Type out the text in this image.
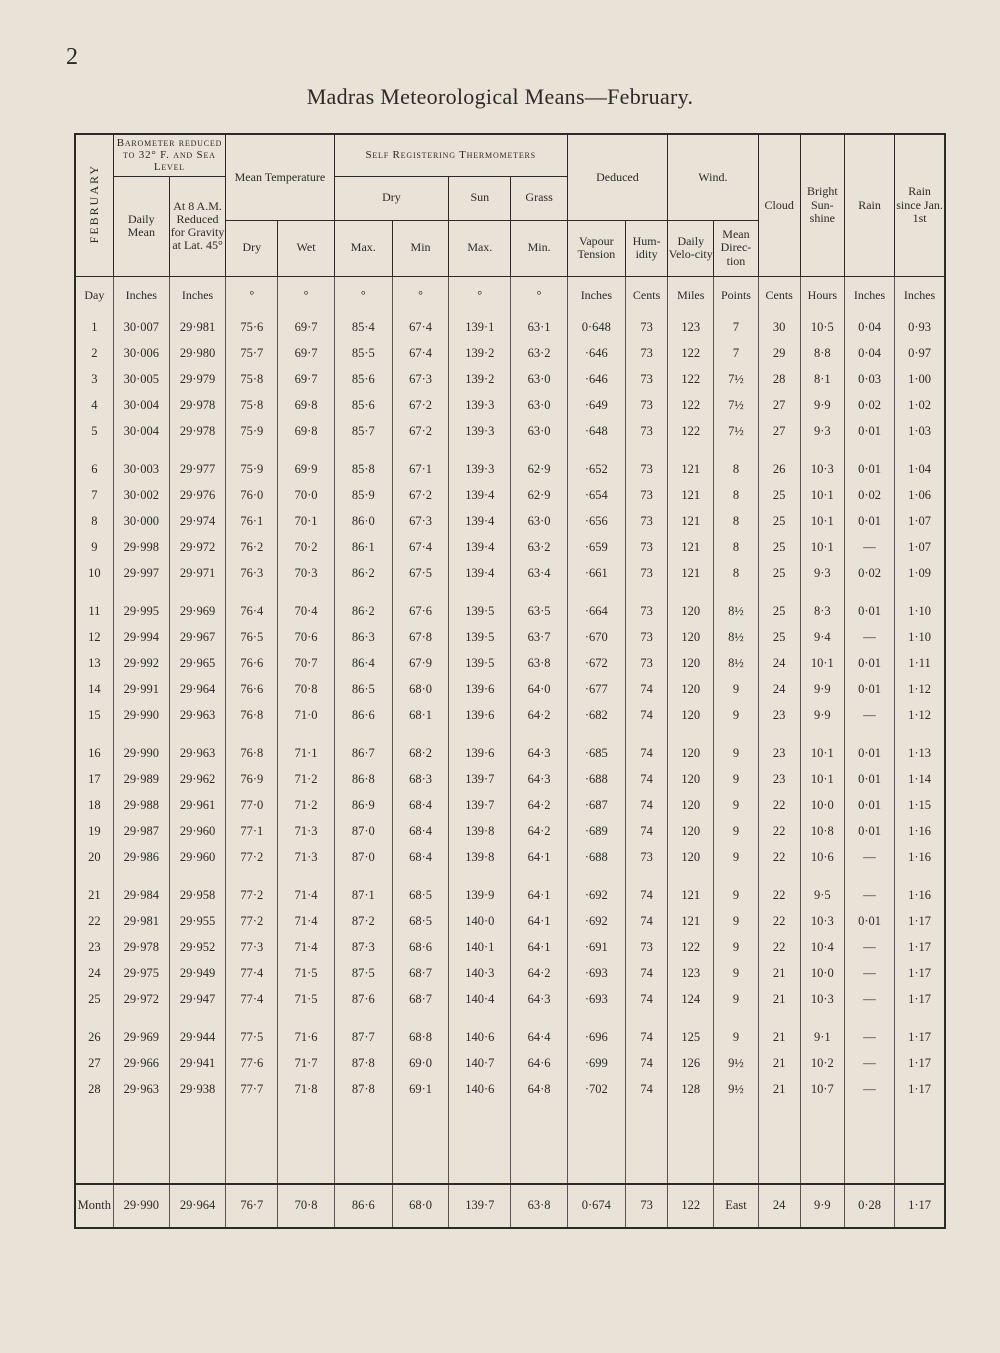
2
Madras Meteorological Means—February.
FEBRUARY	Barometer reduced to 32° F. and Sea Level		Mean Temperature		Self Registering Thermometers				Deduced		Wind.		Cloud	Bright Sun-shine	Rain	Rain since Jan. 1st
	Daily Mean	At 8 A.M. Reduced for Gravity at Lat. 45°			Dry		Sun	Grass								
			Dry	Wet	Max.	Min	Max.	Min.	Vapour Tension	Hum-idity	Daily Velo-city	Mean Direc-tion				
Day	Inches	Inches	°	°	°	°	°	°	Inches	Cents	Miles	Points	Cents	Hours	Inches	Inches
1	30·007	29·981	75·6	69·7	85·4	67·4	139·1	63·1	0·648	73	123	7	30	10·5	0·04	0·93
2	30·006	29·980	75·7	69·7	85·5	67·4	139·2	63·2	·646	73	122	7	29	8·8	0·04	0·97
3	30·005	29·979	75·8	69·7	85·6	67·3	139·2	63·0	·646	73	122	7½	28	8·1	0·03	1·00
4	30·004	29·978	75·8	69·8	85·6	67·2	139·3	63·0	·649	73	122	7½	27	9·9	0·02	1·02
5	30·004	29·978	75·9	69·8	85·7	67·2	139·3	63·0	·648	73	122	7½	27	9·3	0·01	1·03
6	30·003	29·977	75·9	69·9	85·8	67·1	139·3	62·9	·652	73	121	8	26	10·3	0·01	1·04
7	30·002	29·976	76·0	70·0	85·9	67·2	139·4	62·9	·654	73	121	8	25	10·1	0·02	1·06
8	30·000	29·974	76·1	70·1	86·0	67·3	139·4	63·0	·656	73	121	8	25	10·1	0·01	1·07
9	29·998	29·972	76·2	70·2	86·1	67·4	139·4	63·2	·659	73	121	8	25	10·1	—	1·07
10	29·997	29·971	76·3	70·3	86·2	67·5	139·4	63·4	·661	73	121	8	25	9·3	0·02	1·09
11	29·995	29·969	76·4	70·4	86·2	67·6	139·5	63·5	·664	73	120	8½	25	8·3	0·01	1·10
12	29·994	29·967	76·5	70·6	86·3	67·8	139·5	63·7	·670	73	120	8½	25	9·4	—	1·10
13	29·992	29·965	76·6	70·7	86·4	67·9	139·5	63·8	·672	73	120	8½	24	10·1	0·01	1·11
14	29·991	29·964	76·6	70·8	86·5	68·0	139·6	64·0	·677	74	120	9	24	9·9	0·01	1·12
15	29·990	29·963	76·8	71·0	86·6	68·1	139·6	64·2	·682	74	120	9	23	9·9	—	1·12
16	29·990	29·963	76·8	71·1	86·7	68·2	139·6	64·3	·685	74	120	9	23	10·1	0·01	1·13
17	29·989	29·962	76·9	71·2	86·8	68·3	139·7	64·3	·688	74	120	9	23	10·1	0·01	1·14
18	29·988	29·961	77·0	71·2	86·9	68·4	139·7	64·2	·687	74	120	9	22	10·0	0·01	1·15
19	29·987	29·960	77·1	71·3	87·0	68·4	139·8	64·2	·689	74	120	9	22	10·8	0·01	1·16
20	29·986	29·960	77·2	71·3	87·0	68·4	139·8	64·1	·688	73	120	9	22	10·6	—	1·16
21	29·984	29·958	77·2	71·4	87·1	68·5	139·9	64·1	·692	74	121	9	22	9·5	—	1·16
22	29·981	29·955	77·2	71·4	87·2	68·5	140·0	64·1	·692	74	121	9	22	10·3	0·01	1·17
23	29·978	29·952	77·3	71·4	87·3	68·6	140·1	64·1	·691	73	122	9	22	10·4	—	1·17
24	29·975	29·949	77·4	71·5	87·5	68·7	140·3	64·2	·693	74	123	9	21	10·0	—	1·17
25	29·972	29·947	77·4	71·5	87·6	68·7	140·4	64·3	·693	74	124	9	21	10·3	—	1·17
26	29·969	29·944	77·5	71·6	87·7	68·8	140·6	64·4	·696	74	125	9	21	9·1	—	1·17
27	29·966	29·941	77·6	71·7	87·8	69·0	140·7	64·6	·699	74	126	9½	21	10·2	—	1·17
28	29·963	29·938	77·7	71·8	87·8	69·1	140·6	64·8	·702	74	128	9½	21	10·7	—	1·17

Month	29·990	29·964	76·7	70·8	86·6	68·0	139·7	63·8	0·674	73	122	East	24	9·9	0·28	1·17
